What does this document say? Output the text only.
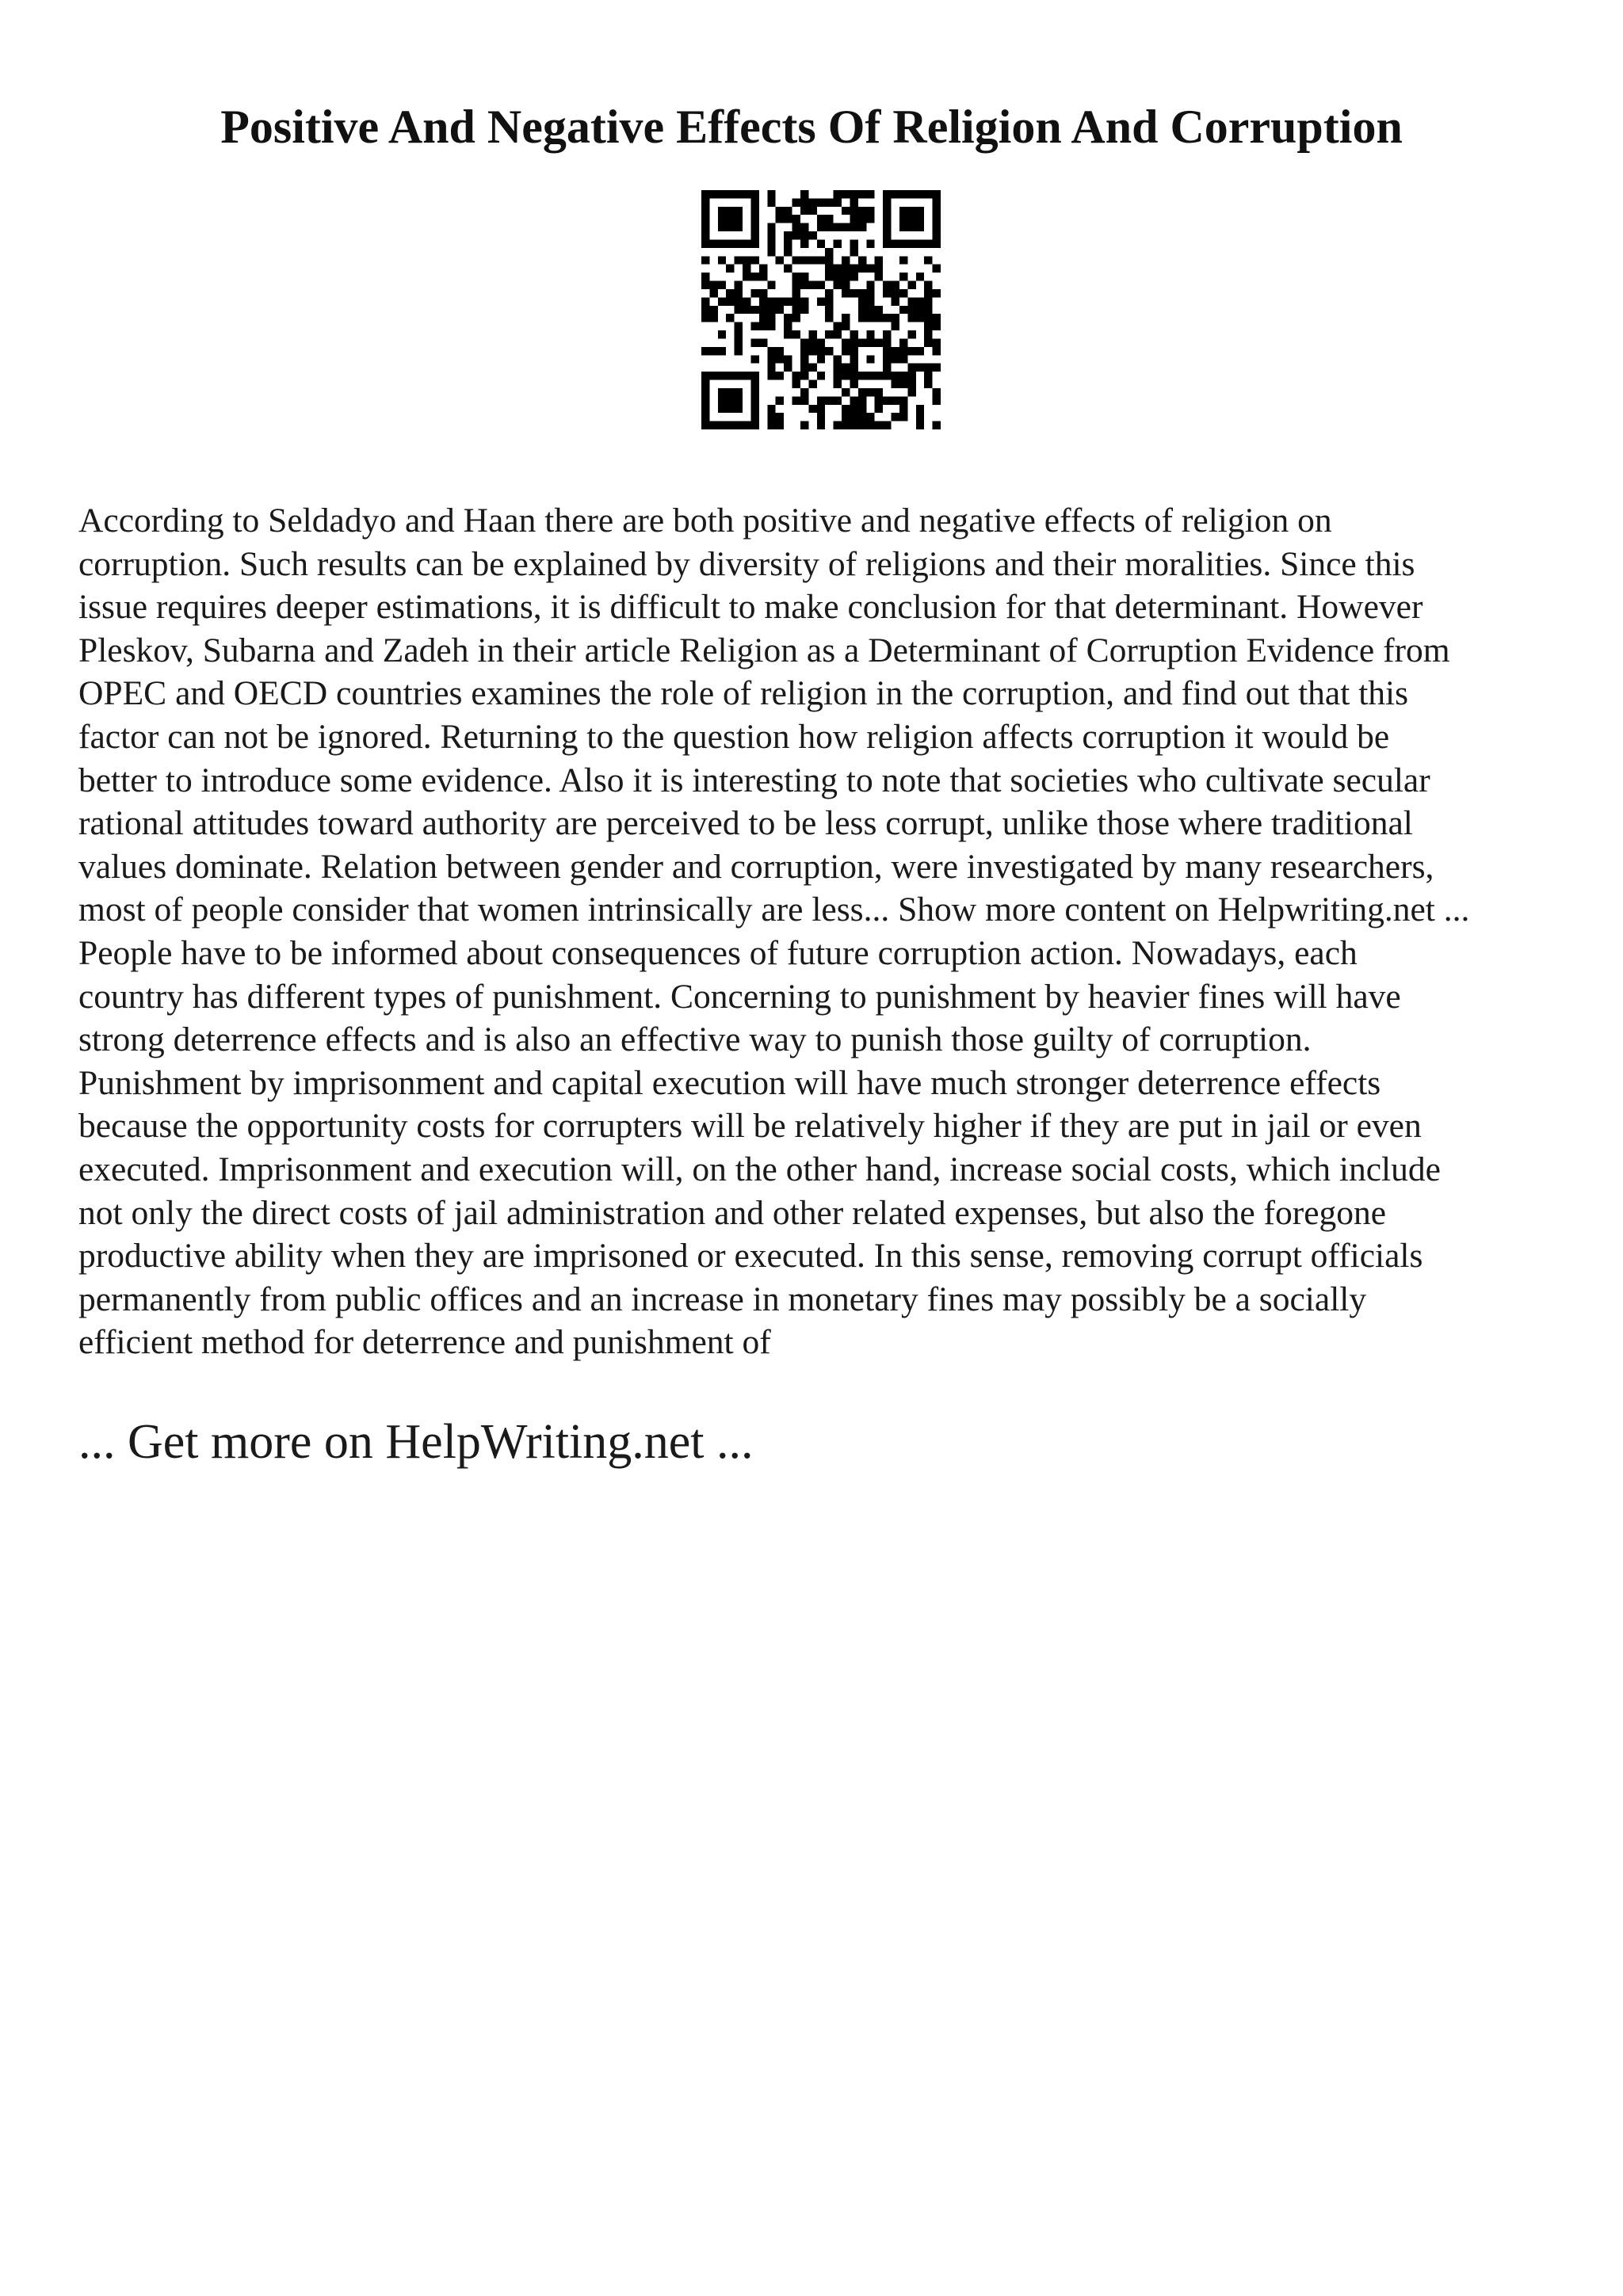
Positive And Negative Effects Of Religion And Corruption

According to Seldadyo and Haan there are both positive and negative effects of religion on
corruption. Such results can be explained by diversity of religions and their moralities. Since this
issue requires deeper estimations, it is difficult to make conclusion for that determinant. However
Pleskov, Subarna and Zadeh in their article Religion as a Determinant of Corruption Evidence from
OPEC and OECD countries examines the role of religion in the corruption, and find out that this
factor can not be ignored. Returning to the question how religion affects corruption it would be
better to introduce some evidence. Also it is interesting to note that societies who cultivate secular
rational attitudes toward authority are perceived to be less corrupt, unlike those where traditional
values dominate. Relation between gender and corruption, were investigated by many researchers,
most of people consider that women intrinsically are less... Show more content on Helpwriting.net ...
People have to be informed about consequences of future corruption action. Nowadays, each
country has different types of punishment. Concerning to punishment by heavier fines will have
strong deterrence effects and is also an effective way to punish those guilty of corruption.
Punishment by imprisonment and capital execution will have much stronger deterrence effects
because the opportunity costs for corrupters will be relatively higher if they are put in jail or even
executed. Imprisonment and execution will, on the other hand, increase social costs, which include
not only the direct costs of jail administration and other related expenses, but also the foregone
productive ability when they are imprisoned or executed. In this sense, removing corrupt officials
permanently from public offices and an increase in monetary fines may possibly be a socially
efficient method for deterrence and punishment of

... Get more on HelpWriting.net ...
